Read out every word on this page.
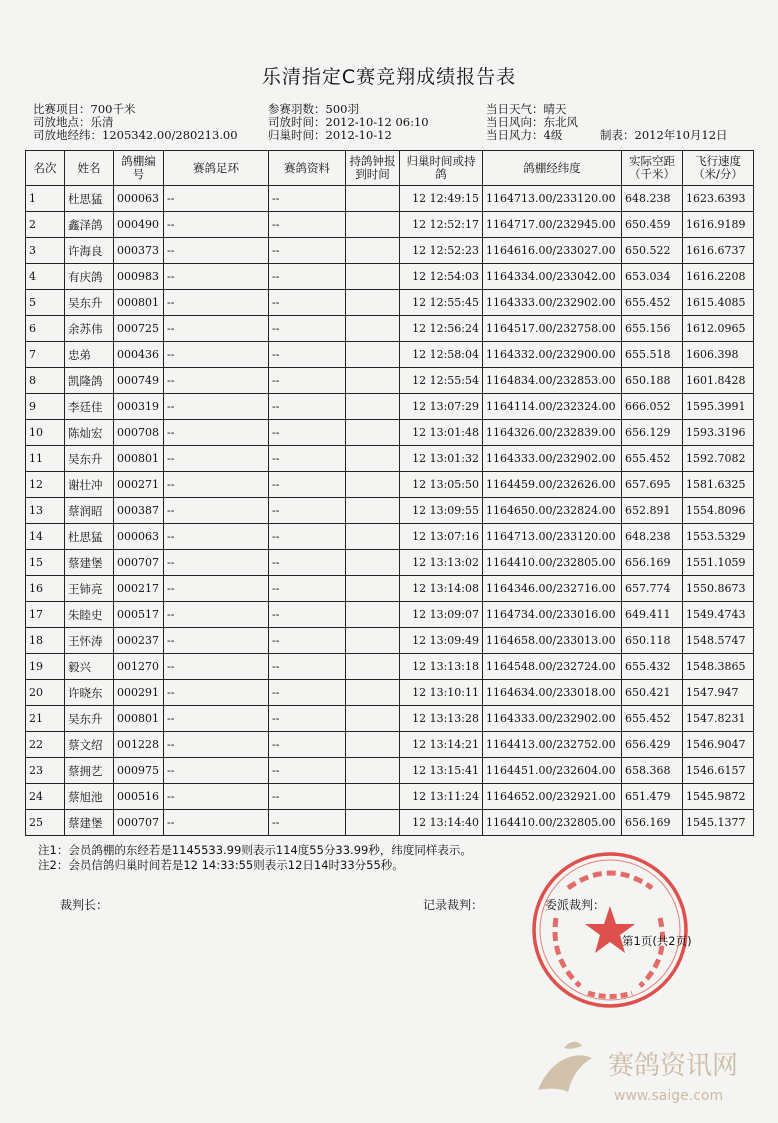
乐清指定C赛竞翔成绩报告表
比赛项目：700千米
司放地点：乐清
司放地经纬：1205342.00/280213.00
参赛羽数：500羽
司放时间：2012-10-12 06:10
归巢时间：2012-10-12
当日天气：晴天
当日风向：东北风
当日风力：4级	制表：2012年10月12日
名次	姓名	鸽棚编号	赛鸽足环	赛鸽资料	持鸽钟报到时间	归巢时间或持鸽	鸽棚经纬度	实际空距（千米）	飞行速度（米/分）
1	杜思猛	000063	--	--		12 12:49:15	1164713.00/233120.00	648.238	1623.6393
2	鑫泽鸽	000490	--	--		12 12:52:17	1164717.00/232945.00	650.459	1616.9189
3	许海良	000373	--	--		12 12:52:23	1164616.00/233027.00	650.522	1616.6737
4	有庆鸽	000983	--	--		12 12:54:03	1164334.00/233042.00	653.034	1616.2208
5	吴东升	000801	--	--		12 12:55:45	1164333.00/232902.00	655.452	1615.4085
6	余苏伟	000725	--	--		12 12:56:24	1164517.00/232758.00	655.156	1612.0965
7	忠弟	000436	--	--		12 12:58:04	1164332.00/232900.00	655.518	1606.398
8	凯隆鸽	000749	--	--		12 12:55:54	1164834.00/232853.00	650.188	1601.8428
9	李廷佳	000319	--	--		12 13:07:29	1164114.00/232324.00	666.052	1595.3991
10	陈灿宏	000708	--	--		12 13:01:48	1164326.00/232839.00	656.129	1593.3196
11	吴东升	000801	--	--		12 13:01:32	1164333.00/232902.00	655.452	1592.7082
12	谢壮冲	000271	--	--		12 13:05:50	1164459.00/232626.00	657.695	1581.6325
13	蔡润昭	000387	--	--		12 13:09:55	1164650.00/232824.00	652.891	1554.8096
14	杜思猛	000063	--	--		12 13:07:16	1164713.00/233120.00	648.238	1553.5329
15	蔡建堡	000707	--	--		12 13:13:02	1164410.00/232805.00	656.169	1551.1059
16	王铈亮	000217	--	--		12 13:14:08	1164346.00/232716.00	657.774	1550.8673
17	朱睦史	000517	--	--		12 13:09:07	1164734.00/233016.00	649.411	1549.4743
18	王怀涛	000237	--	--		12 13:09:49	1164658.00/233013.00	650.118	1548.5747
19	毅兴	001270	--	--		12 13:13:18	1164548.00/232724.00	655.432	1548.3865
20	许晓东	000291	--	--		12 13:10:11	1164634.00/233018.00	650.421	1547.947
21	吴东升	000801	--	--		12 13:13:28	1164333.00/232902.00	655.452	1547.8231
22	蔡文绍	001228	--	--		12 13:14:21	1164413.00/232752.00	656.429	1546.9047
23	蔡拥艺	000975	--	--		12 13:15:41	1164451.00/232604.00	658.368	1546.6157
24	蔡旭池	000516	--	--		12 13:11:24	1164652.00/232921.00	651.479	1545.9872
25	蔡建堡	000707	--	--		12 13:14:40	1164410.00/232805.00	656.169	1545.1377
注1：会员鸽棚的东经若是1145533.99则表示114度55分33.99秒，纬度同样表示。
注2：会员信鸽归巢时间若是12 14:33:55则表示12日14时33分55秒。
裁判长：	记录裁判：	委派裁判：
第1页(共2页)
赛鸽资讯网
www.saige.com
